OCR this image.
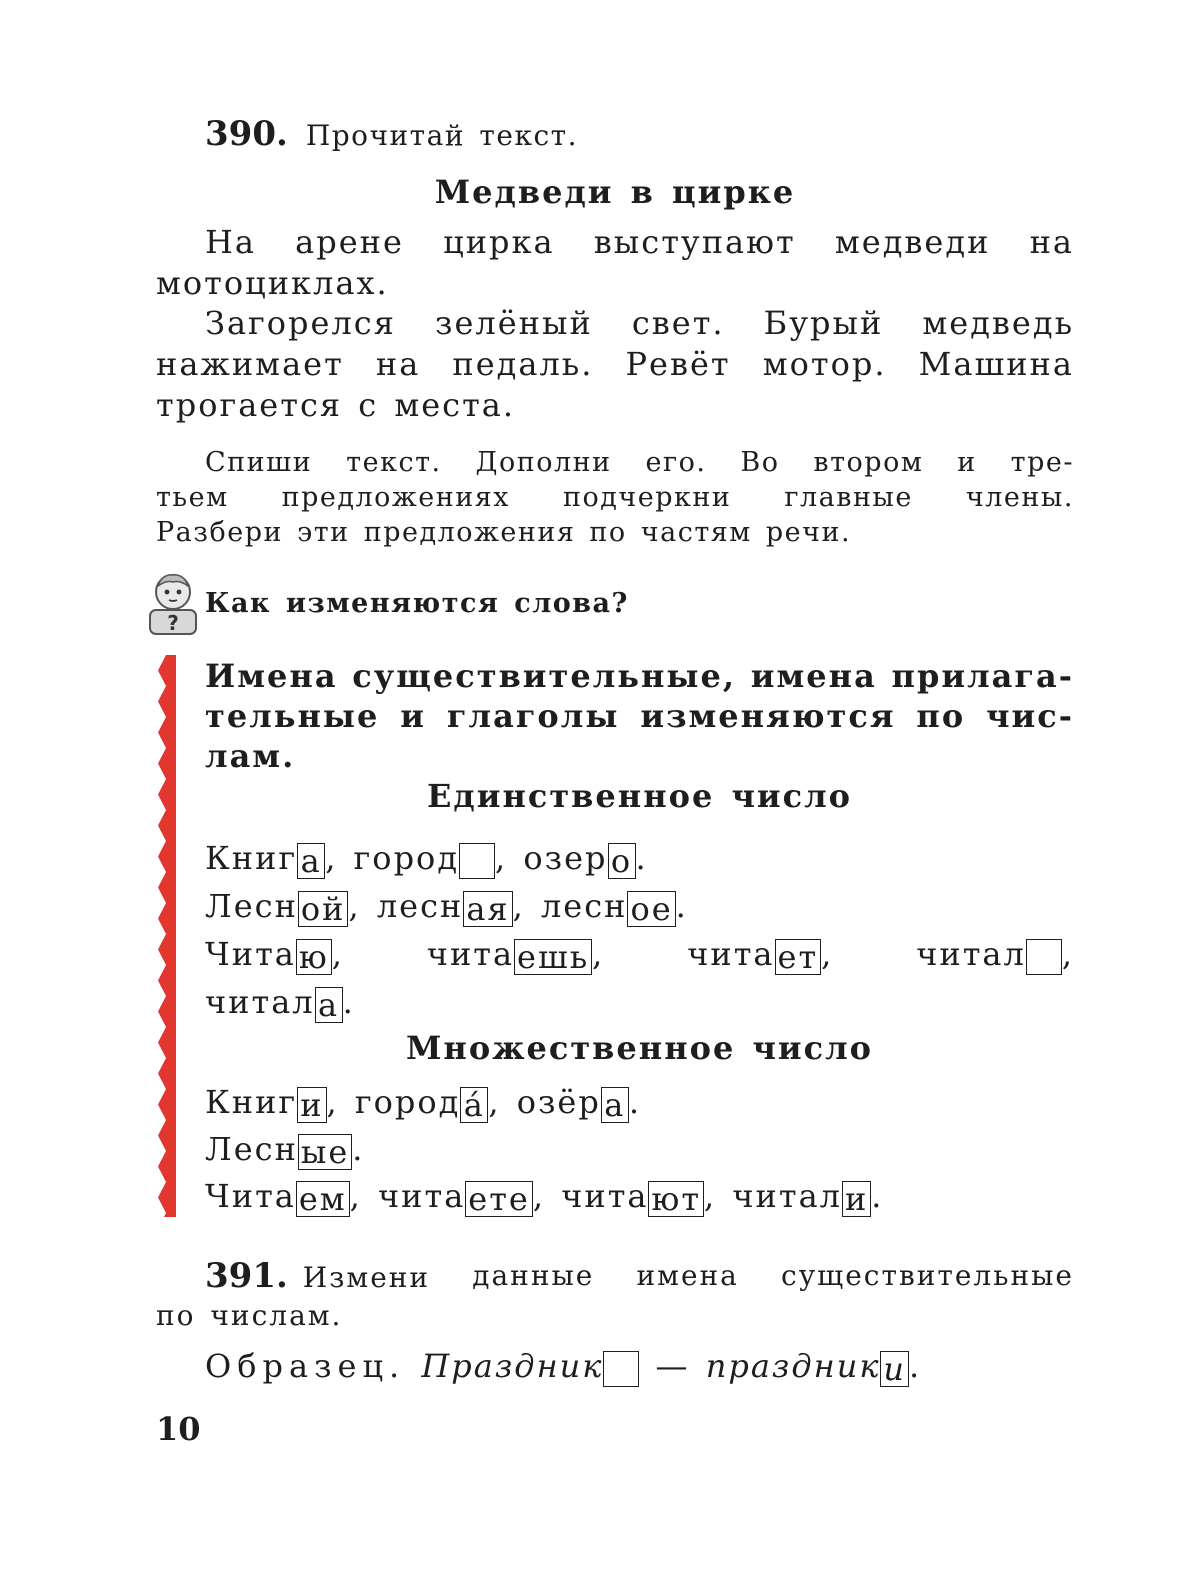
390. Прочитай текст.
Медведи в цирке
На арене цирка выступают медведи на
мотоциклах.
Загорелся зелёный свет. Бурый медведь
нажимает на педаль. Ревёт мотор. Машина
трогается с места.
Спиши текст. Дополни его. Во втором и тре-
тьем предложениях подчеркни главные члены.
Разбери эти предложения по частям речи.
?
Как изменяются слова?
Имена существительные, имена прилага-
тельные и глаголы изменяются по чис-
лам.
Единственное число
Книг а , город , озер о .
Лесной, лесная, лесное.
Читаю,	читаешь,	читает,	читал ,
читал а .
Множественное число
Книги, город а́ , озёр а .
Лесные.
Читаем, читаете, читают, читали.
391. Измени данные имена существительные
по числам.
Образец. Праздник — праздники.
10
